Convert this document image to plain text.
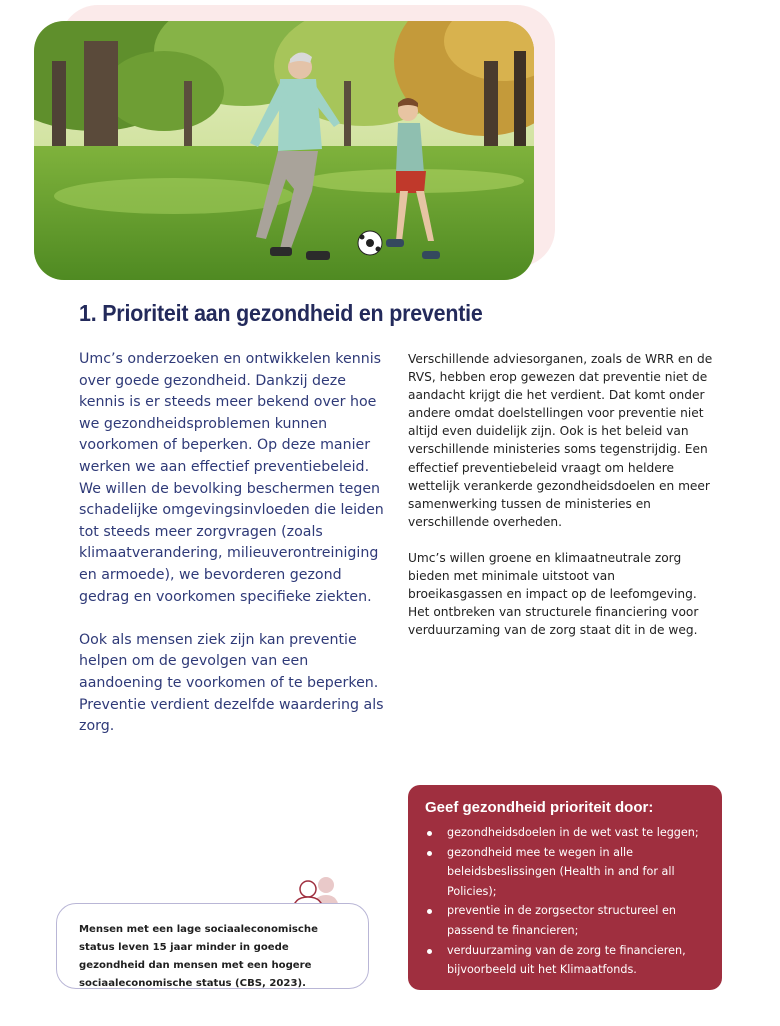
1. Prioriteit aan gezondheid en preventie

Umc’s onderzoeken en ontwikkelen kennis over goede gezondheid. Dankzij deze kennis is er steeds meer bekend over hoe we gezondheidsproblemen kunnen voorkomen of beperken. Op deze manier werken we aan effectief preventiebeleid. We willen de bevolking beschermen tegen schadelijke omgevingsinvloeden die leiden tot steeds meer zorgvragen (zoals klimaatverandering, milieuverontreiniging en armoede), we bevorderen gezond gedrag en voorkomen specifieke ziekten.

Ook als mensen ziek zijn kan preventie helpen om de gevolgen van een aandoening te voorkomen of te beperken. Preventie verdient dezelfde waardering als zorg.

Verschillende adviesorganen, zoals de WRR en de RVS, hebben erop gewezen dat preventie niet de aandacht krijgt die het verdient. Dat komt onder andere omdat doelstellingen voor preventie niet altijd even duidelijk zijn. Ook is het beleid van verschillende ministeries soms tegenstrijdig. Een effectief preventiebeleid vraagt om heldere wettelijk verankerde gezondheidsdoelen en meer samenwerking tussen de ministeries en verschillende overheden.

Umc’s willen groene en klimaatneutrale zorg bieden met minimale uitstoot van broeikasgassen en impact op de leefomgeving. Het ontbreken van structurele financiering voor verduurzaming van de zorg staat dit in de weg.

Mensen met een lage sociaaleconomische status leven 15 jaar minder in goede gezondheid dan mensen met een hogere sociaaleconomische status (CBS, 2023).

Geef gezondheid prioriteit door:
gezondheidsdoelen in de wet vast te leggen;
gezondheid mee te wegen in alle beleidsbeslissingen (Health in and for all Policies);
preventie in de zorgsector structureel en passend te financieren;
verduurzaming van de zorg te financieren, bijvoorbeeld uit het Klimaatfonds.
